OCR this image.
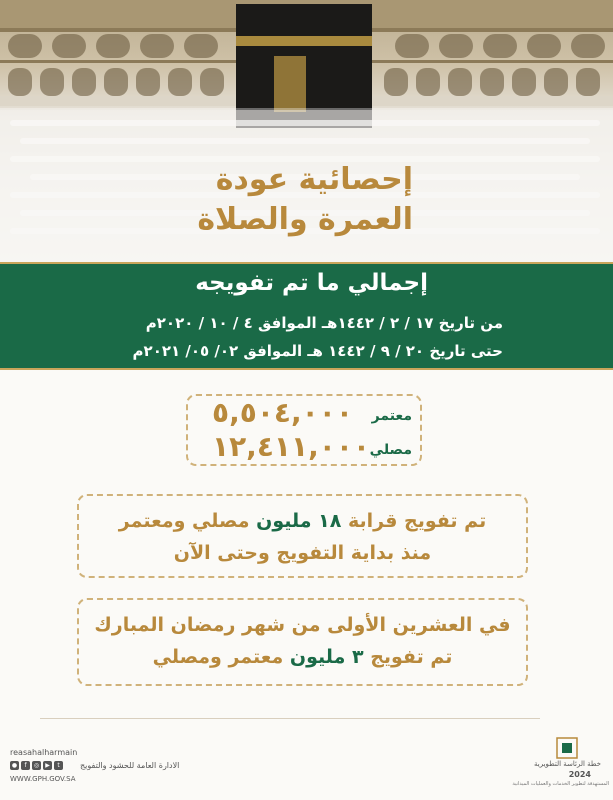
إحصائية عودة
العمرة والصلاة
إجمالي ما تم تفويجه
من تاريخ ١٧ / ٢ / ١٤٤٢هـ الموافق ٤ / ١٠ / ٢٠٢٠م
حتى تاريخ ٢٠ / ٩ / ١٤٤٢ هـ الموافق ٠٢/ ٠٥/ ٢٠٢١م
٥,٥٠٤,٠٠٠ معتمر
١٢,٤١١,٠٠٠ مصلي
تم تفويج قرابة ١٨ مليون مصلي ومعتمر
منذ بداية التفويج وحتى الآن
في العشرين الأولى من شهر رمضان المبارك
تم تفويج ٣ مليون معتمر ومصلي
reasahalharmain
●	f	◎	▶	t
WWW.GPH.GOV.SA
الادارة العامة للحشود والتفويج	خطة الرئاسة التطويرية
2024
المستهدفة لتطوير الخدمات والعمليات الميدانية
